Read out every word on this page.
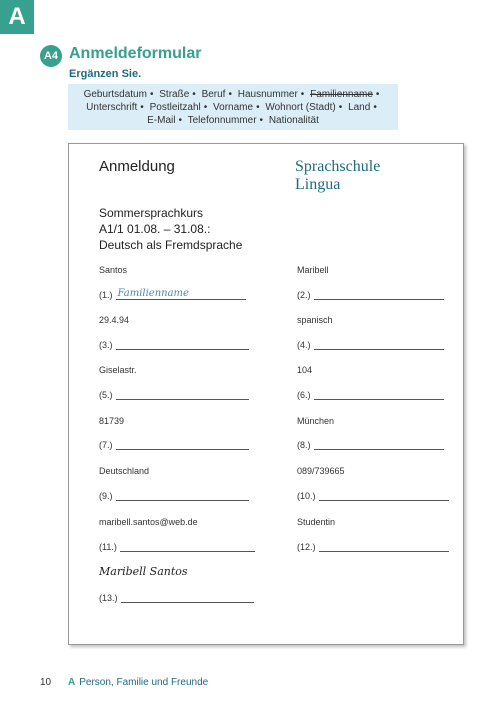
A
A4 Anmeldeformular
Ergänzen Sie.
Geburtsdatum • Straße • Beruf • Hausnummer • Familienname • Unterschrift • Postleitzahl • Vorname • Wohnort (Stadt) • Land • E-Mail • Telefonnummer • Nationalität
Anmeldung	Sprachschule
Lingua
Sommersprachkurs
A1/1 01.08. – 31.08.:
Deutsch als Fremdsprache
Santos	Maribell
(1.) Familienname	(2.)
29.4.94	spanisch
(3.)	(4.)
Giselastr.	104
(5.)	(6.)
81739	München
(7.)	(8.)
Deutschland	089/739665
(9.)	(10.)
maribell.santos@web.de	Studentin
(11.)	(12.)
Maribell Santos
(13.)
10 A Person, Familie und Freunde
